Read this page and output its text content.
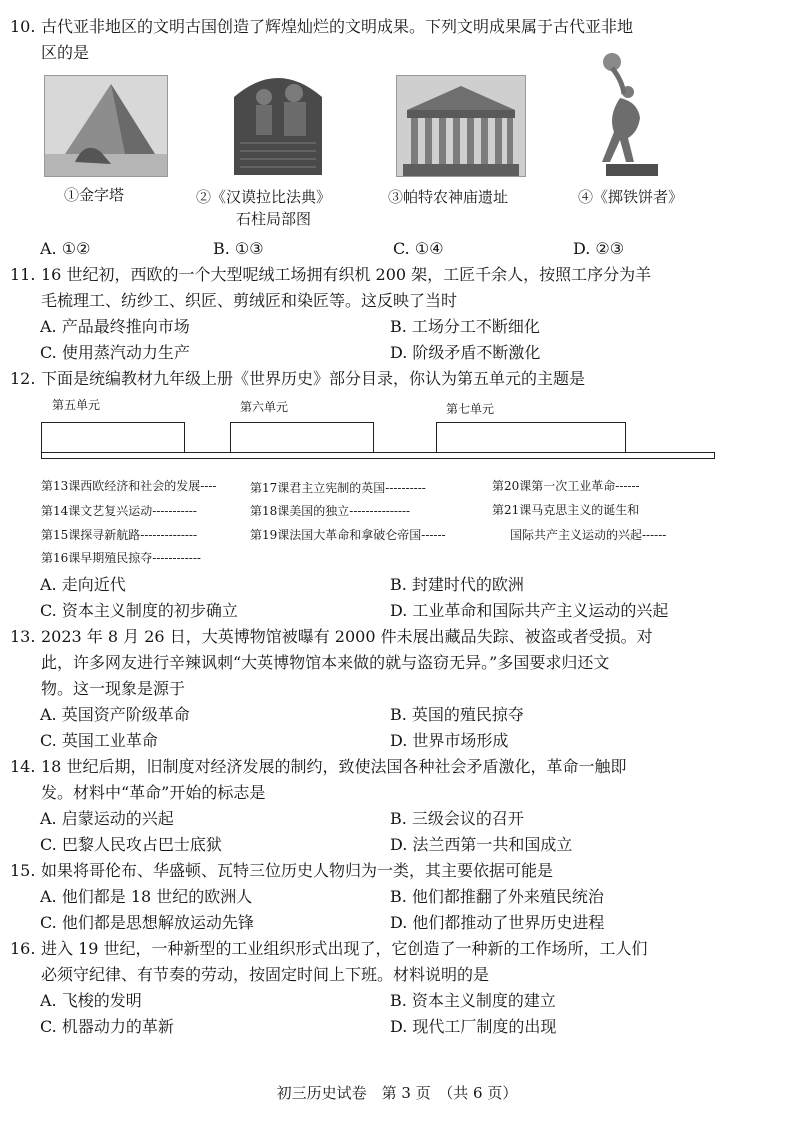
10. 古代亚非地区的文明古国创造了辉煌灿烂的文明成果。下列文明成果属于古代亚非地
区的是
①金字塔	②《汉谟拉比法典》
石柱局部图
③帕特农神庙遗址	④《掷铁饼者》
A. ①②	B. ①③	C. ①④	D. ②③
11. 16 世纪初，西欧的一个大型呢绒工场拥有织机 200 架，工匠千余人，按照工序分为羊
毛梳理工、纺纱工、织匠、剪绒匠和染匠等。这反映了当时
A. 产品最终推向市场	B. 工场分工不断细化
C. 使用蒸汽动力生产	D. 阶级矛盾不断激化
12. 下面是统编教材九年级上册《世界历史》部分目录，你认为第五单元的主题是
第五单元	第六单元	第七单元
第13课西欧经济和社会的发展----
第14课文艺复兴运动-----------
第15课探寻新航路--------------
第16课早期殖民掠夺------------
第17课君主立宪制的英国----------
第18课美国的独立---------------
第19课法国大革命和拿破仑帝国------
第20课第一次工业革命------
第21课马克思主义的诞生和
国际共产主义运动的兴起------
A. 走向近代	B. 封建时代的欧洲
C. 资本主义制度的初步确立	D. 工业革命和国际共产主义运动的兴起
13. 2023 年 8 月 26 日，大英博物馆被曝有 2000 件未展出藏品失踪、被盗或者受损。对
此，许多网友进行辛辣讽刺“大英博物馆本来做的就与盗窃无异。”多国要求归还文
物。这一现象是源于
A. 英国资产阶级革命	B. 英国的殖民掠夺
C. 英国工业革命	D. 世界市场形成
14. 18 世纪后期，旧制度对经济发展的制约，致使法国各种社会矛盾激化，革命一触即
发。材料中“革命”开始的标志是
A. 启蒙运动的兴起	B. 三级会议的召开
C. 巴黎人民攻占巴士底狱	D. 法兰西第一共和国成立
15. 如果将哥伦布、华盛顿、瓦特三位历史人物归为一类，其主要依据可能是
A. 他们都是 18 世纪的欧洲人	B. 他们都推翻了外来殖民统治
C. 他们都是思想解放运动先锋	D. 他们都推动了世界历史进程
16. 进入 19 世纪，一种新型的工业组织形式出现了，它创造了一种新的工作场所，工人们
必须守纪律、有节奏的劳动，按固定时间上下班。材料说明的是
A. 飞梭的发明	B. 资本主义制度的建立
C. 机器动力的革新	D. 现代工厂制度的出现
初三历史试卷　第 3 页　（共 6 页）
